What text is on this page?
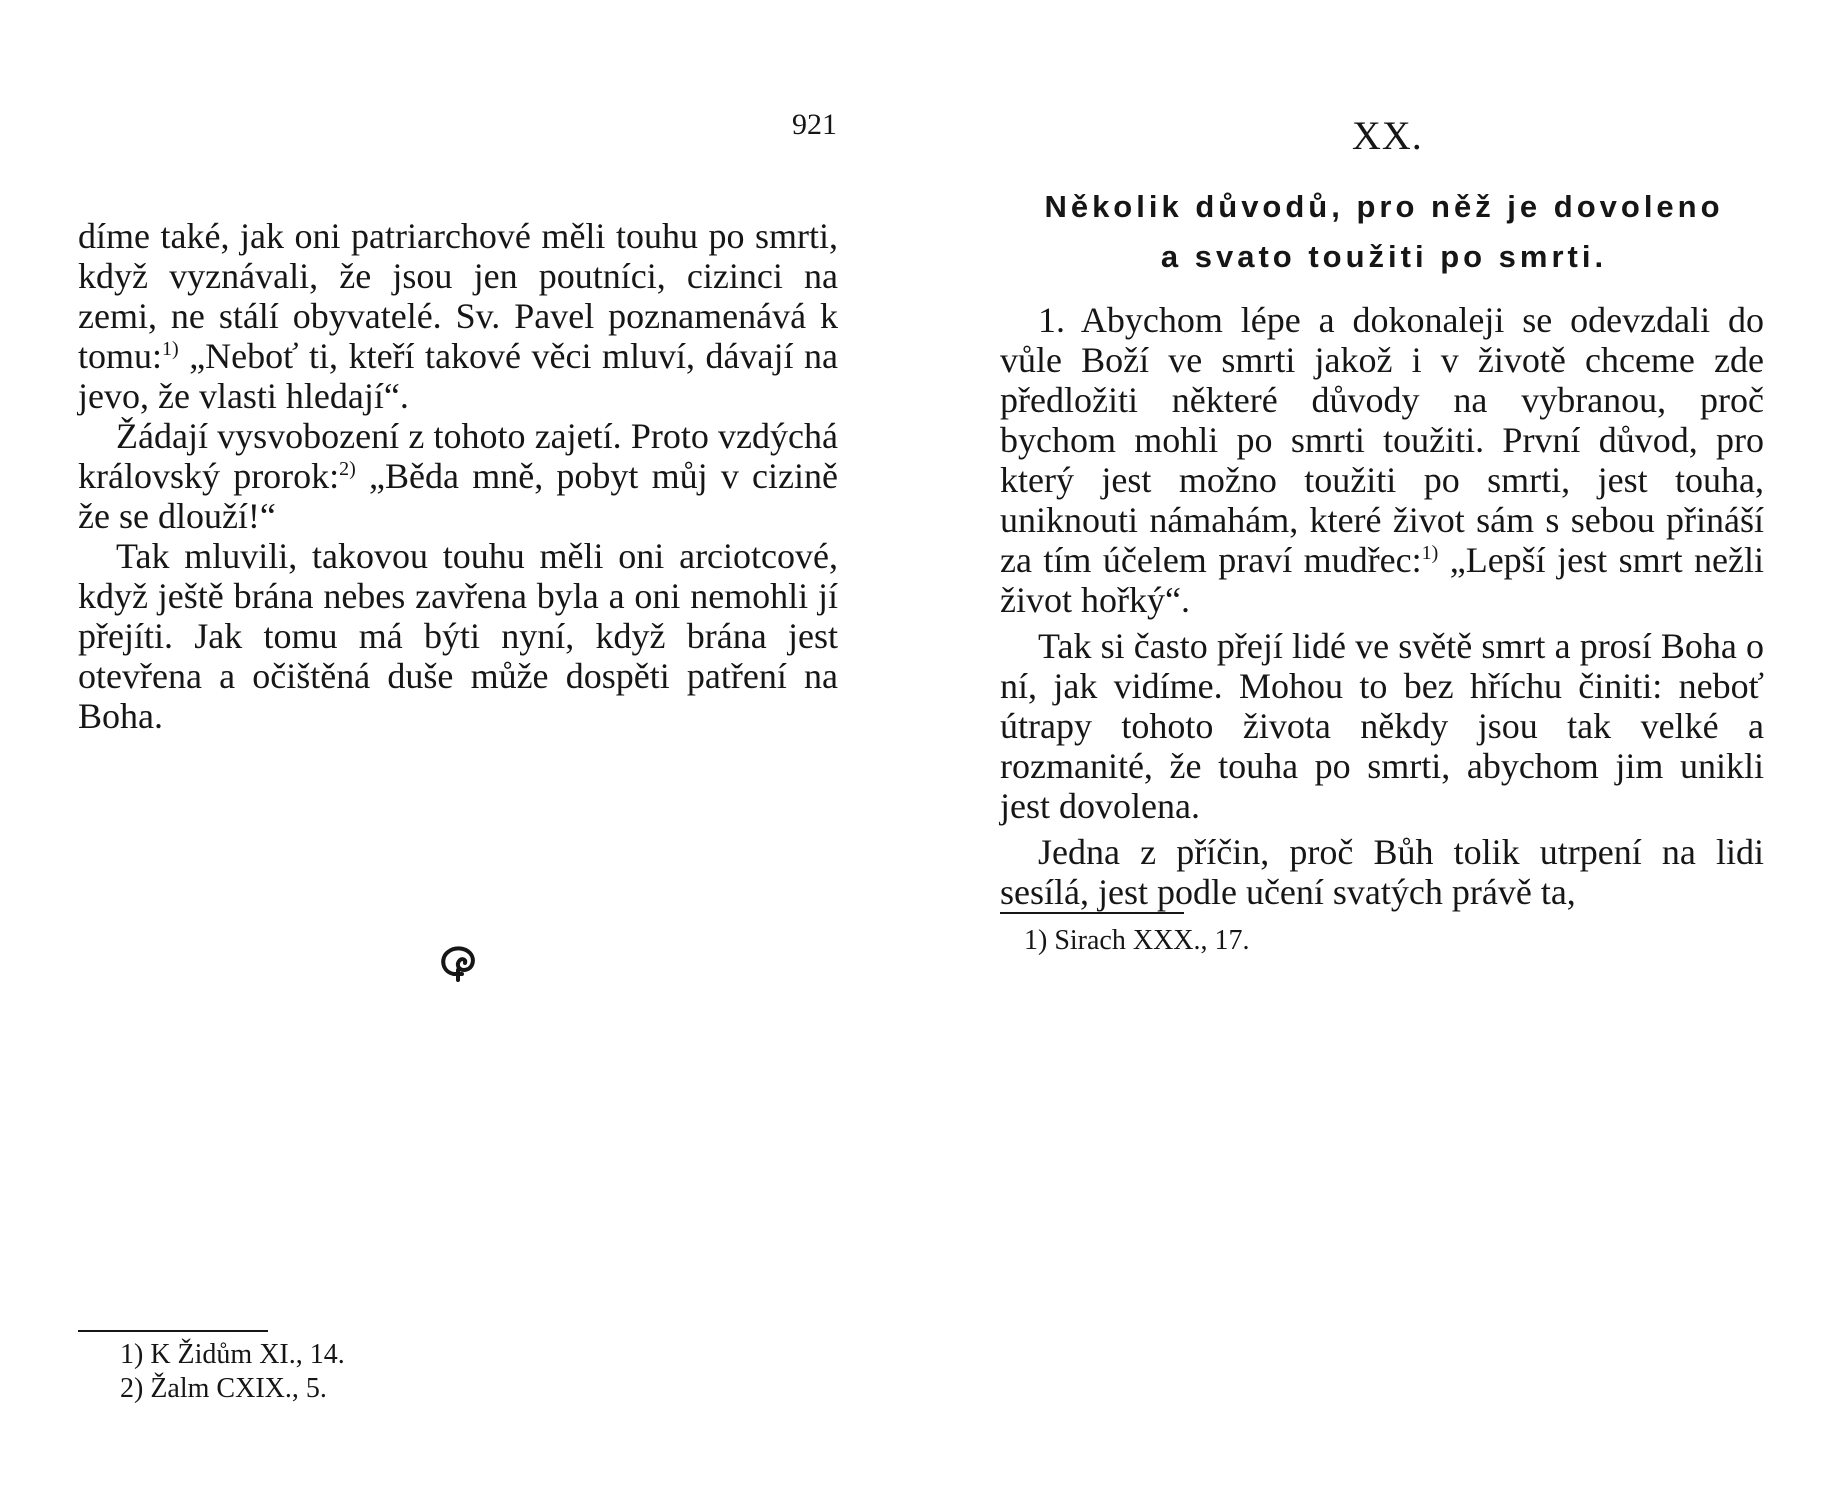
921

díme také, jak oni patriarchové měli touhu po smrti, když vyznávali, že jsou jen poutníci, cizinci na zemi, ne stálí obyvatelé. Sv. Pavel poznamenává k tomu:$^{1)}$ „Neboť ti, kteří takové věci mluví, dávají na jevo, že vlasti hledají“.

Žádají vysvobození z tohoto zajetí. Proto vzdýchá královský prorok:$^{2)}$ „Běda mně, pobyt můj v cizině že se dlouží!“

Tak mluvili, takovou touhu měli oni arciotcové, když ještě brána nebes zavřena byla a oni nemohli jí přejíti. Jak tomu má býti nyní, když brána jest otevřena a očištěná duše může dospěti patření na Boha.

1) K Židům XI., 14.

2) Žalm CXIX., 5.

XX.
Několik důvodů, pro něž je dovoleno
a svato toužiti po smrti.

1. Abychom lépe a dokonaleji se odevzdali do vůle Boží ve smrti jakož i v životě chceme zde předložiti některé důvody na vybranou, proč bychom mohli po smrti toužiti. První důvod, pro který jest možno toužiti po smrti, jest touha, uniknouti námahám, které život sám s sebou přináší za tím účelem praví mudřec:$^{1)}$ „Lepší jest smrt nežli život hořký“.

Tak si často přejí lidé ve světě smrt a prosí Boha o ní, jak vidíme. Mohou to bez hříchu činiti: neboť útrapy tohoto života někdy jsou tak velké a rozmanité, že touha po smrti, abychom jim unikli jest dovolena.

Jedna z příčin, proč Bůh tolik utrpení na lidi sesílá, jest podle učení svatých právě ta,

1) Sirach XXX., 17.
